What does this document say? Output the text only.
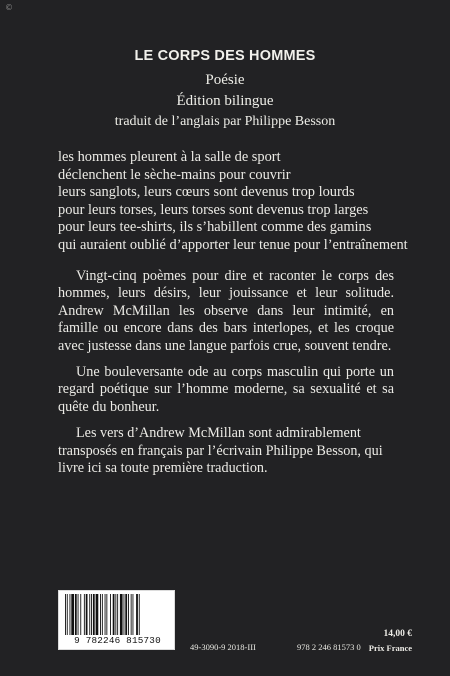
©
LE CORPS DES HOMMES
Poésie
Édition bilingue
traduit de l’anglais par Philippe Besson
les hommes pleurent à la salle de sport
déclenchent le sèche-mains pour couvrir
leurs sanglots, leurs cœurs sont devenus trop lourds
pour leurs torses, leurs torses sont devenus trop larges
pour leurs tee-shirts, ils s’habillent comme des gamins
qui auraient oublié d’apporter leur tenue pour l’entraînement

Vingt-cinq poèmes pour dire et raconter le corps des hommes, leurs désirs, leur jouissance et leur solitude. Andrew McMillan les observe dans leur intimité, en famille ou encore dans des bars interlopes, et les croque avec justesse dans une langue parfois crue, souvent tendre.

Une bouleversante ode au corps masculin qui porte un regard poétique sur l’homme moderne, sa sexualité et sa quête du bonheur.

Les vers d’Andrew McMillan sont admirablement transposés en français par l’écrivain Philippe Besson, qui livre ici sa toute première traduction.

9 782246 815730
49-3090-9 2018-III	978 2 246 81573 0
14,00 €
Prix France
